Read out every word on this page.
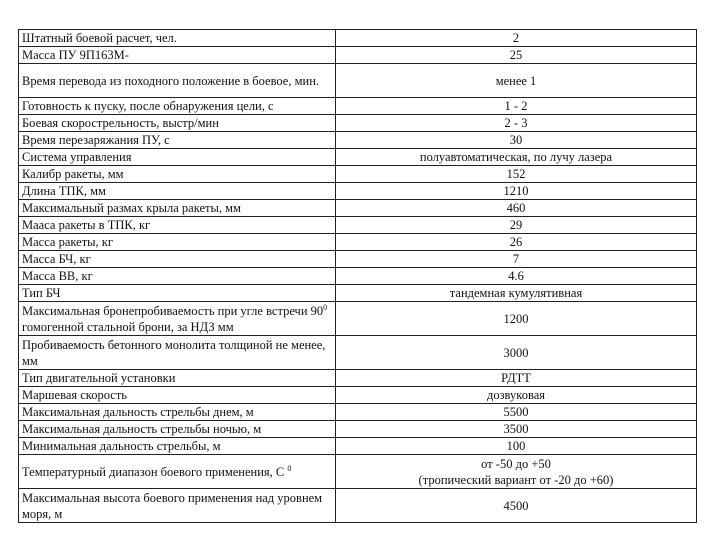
Штатный боевой расчет, чел.	2
Масса ПУ 9П163М-	25
Время перевода из походного положение в боевое, мин.	менее 1
Готовность к пуску, после обнаружения цели, с	1 - 2
Боевая скорострельность, выстр/мин	2 - 3
Время перезаряжания ПУ, с	30
Система управления	полуавтоматическая, по лучу лазера
Калибр ракеты, мм	152
Длина ТПК, мм	1210
Максимальный размах крыла ракеты, мм	460
Мааса ракеты в ТПК, кг	29
Масса ракеты, кг	26
Масса БЧ, кг	7
Масса ВВ, кг	4.6
Тип БЧ	тандемная кумулятивная
Максимальная бронепробиваемость при угле встречи $90^0$ гомогенной стальной брони, за НДЗ мм	1200
Пробиваемость бетонного монолита толщиной не менее, мм	3000
Тип двигательной установки	РДТТ
Маршевая скорость	дозвуковая
Максимальная дальность стрельбы днем, м	5500
Максимальная дальность стрельбы ночью, м	3500
Минимальная дальность стрельбы, м	100
Температурный диапазон боевого применения, С $^0$	от -50 до +50
(тропический вариант от -20 до +60)

Максимальная высота боевого применения над уровнем моря, м	4500
